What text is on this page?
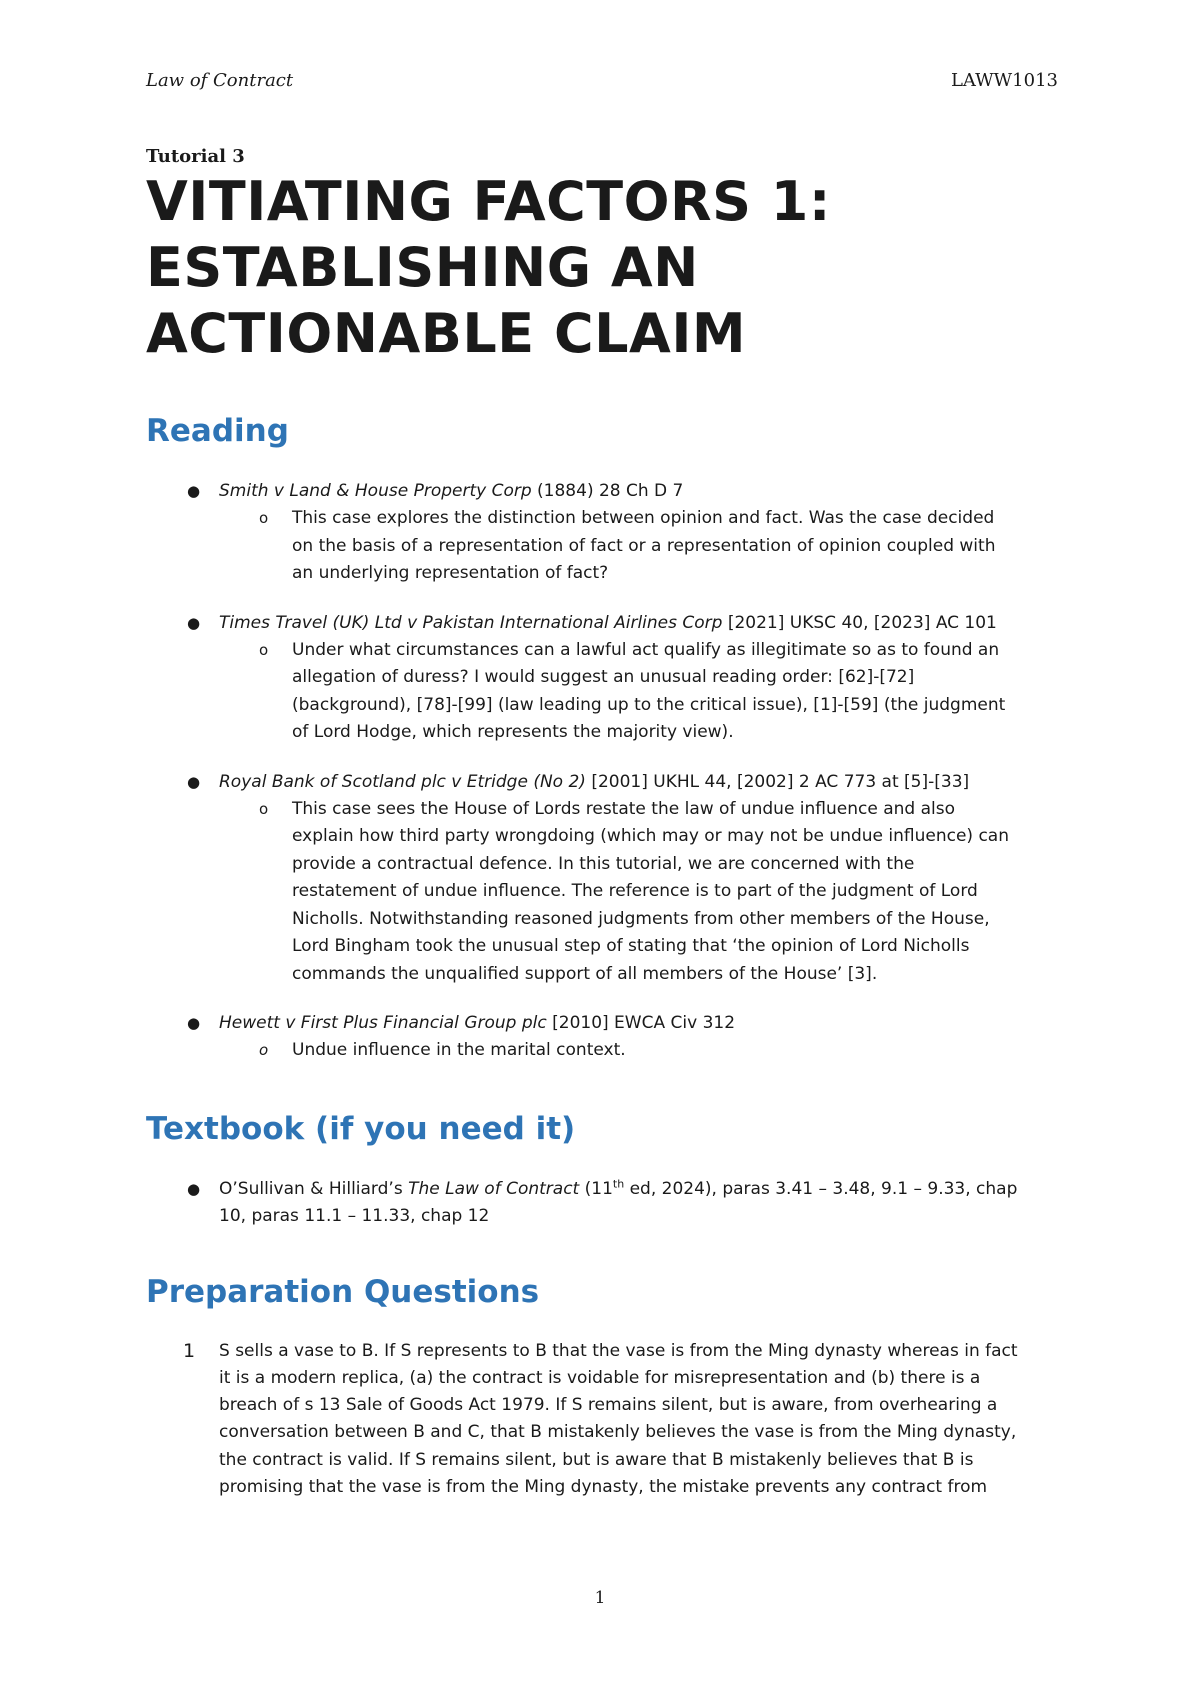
Law of Contract	LAWW1013
Tutorial 3
VITIATING FACTORS 1:
ESTABLISHING AN
ACTIONABLE CLAIM
Reading
● Smith v Land & House Property Corp (1884) 28 Ch D 7
o This case explores the distinction between opinion and fact. Was the case decided
on the basis of a representation of fact or a representation of opinion coupled with
an underlying representation of fact?
● Times Travel (UK) Ltd v Pakistan International Airlines Corp [2021] UKSC 40, [2023] AC 101
o Under what circumstances can a lawful act qualify as illegitimate so as to found an
allegation of duress? I would suggest an unusual reading order: [62]-[72]
(background), [78]-[99] (law leading up to the critical issue), [1]-[59] (the judgment
of Lord Hodge, which represents the majority view).
● Royal Bank of Scotland plc v Etridge (No 2) [2001] UKHL 44, [2002] 2 AC 773 at [5]-[33]
o This case sees the House of Lords restate the law of undue influence and also
explain how third party wrongdoing (which may or may not be undue influence) can
provide a contractual defence. In this tutorial, we are concerned with the
restatement of undue influence. The reference is to part of the judgment of Lord
Nicholls. Notwithstanding reasoned judgments from other members of the House,
Lord Bingham took the unusual step of stating that ‘the opinion of Lord Nicholls
commands the unqualified support of all members of the House’ [3].
● Hewett v First Plus Financial Group plc [2010] EWCA Civ 312
o Undue influence in the marital context.
Textbook (if you need it)
● O’Sullivan & Hilliard’s The Law of Contract (11th ed, 2024), paras 3.41 – 3.48, 9.1 – 9.33, chap
10, paras 11.1 – 11.33, chap 12
Preparation Questions
1 S sells a vase to B. If S represents to B that the vase is from the Ming dynasty whereas in fact
it is a modern replica, (a) the contract is voidable for misrepresentation and (b) there is a
breach of s 13 Sale of Goods Act 1979. If S remains silent, but is aware, from overhearing a
conversation between B and C, that B mistakenly believes the vase is from the Ming dynasty,
the contract is valid. If S remains silent, but is aware that B mistakenly believes that B is
promising that the vase is from the Ming dynasty, the mistake prevents any contract from
1
